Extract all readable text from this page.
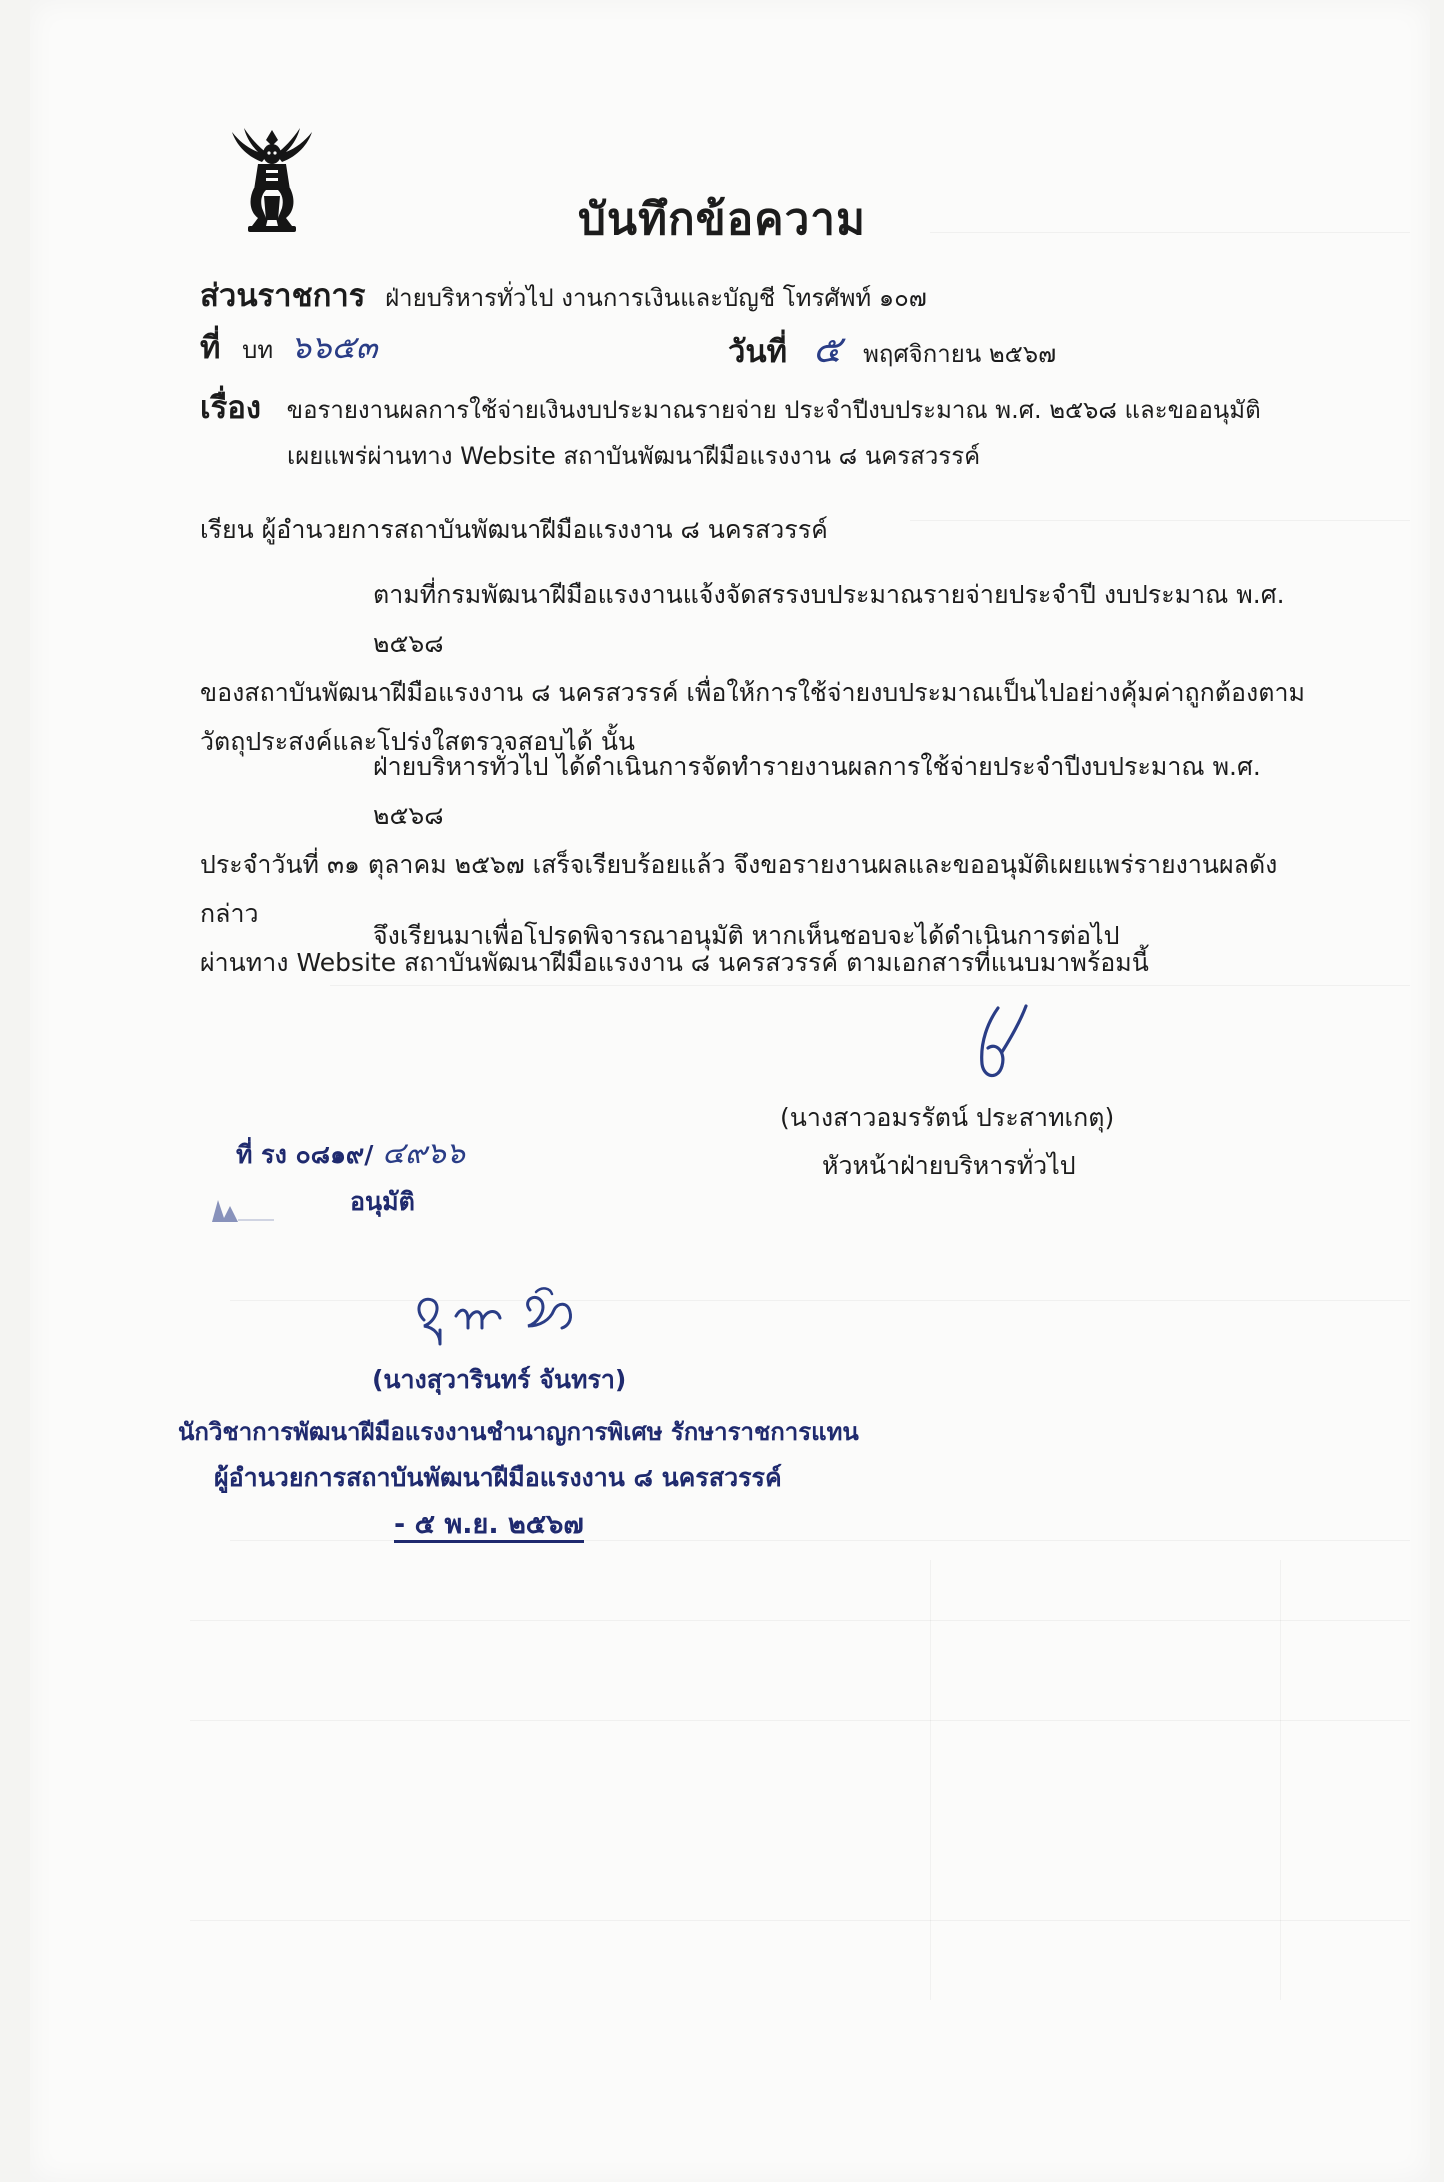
บันทึกข้อความ
ส่วนราชการ ฝ่ายบริหารทั่วไป งานการเงินและบัญชี โทรศัพท์ ๑๐๗
ที่ บท ๖๖๕๓	วันที่ ๕ พฤศจิกายน ๒๕๖๗
เรื่อง ขอรายงานผลการใช้จ่ายเงินงบประมาณรายจ่าย ประจำปีงบประมาณ พ.ศ. ๒๕๖๘ และขออนุมัติ
เผยแพร่ผ่านทาง Website สถาบันพัฒนาฝีมือแรงงาน ๘ นครสวรรค์
เรียน ผู้อำนวยการสถาบันพัฒนาฝีมือแรงงาน ๘ นครสวรรค์
ตามที่กรมพัฒนาฝีมือแรงงานแจ้งจัดสรรงบประมาณรายจ่ายประจำปี งบประมาณ พ.ศ. ๒๕๖๘
ของสถาบันพัฒนาฝีมือแรงงาน ๘ นครสวรรค์ เพื่อให้การใช้จ่ายงบประมาณเป็นไปอย่างคุ้มค่าถูกต้องตาม
วัตถุประสงค์และโปร่งใสตรวจสอบได้ นั้น
ฝ่ายบริหารทั่วไป ได้ดำเนินการจัดทำรายงานผลการใช้จ่ายประจำปีงบประมาณ พ.ศ. ๒๕๖๘
ประจำวันที่ ๓๑ ตุลาคม ๒๕๖๗ เสร็จเรียบร้อยแล้ว จึงขอรายงานผลและขออนุมัติเผยแพร่รายงานผลดังกล่าว
ผ่านทาง Website สถาบันพัฒนาฝีมือแรงงาน ๘ นครสวรรค์ ตามเอกสารที่แนบมาพร้อมนี้
จึงเรียนมาเพื่อโปรดพิจารณาอนุมัติ หากเห็นชอบจะได้ดำเนินการต่อไป
(นางสาวอมรรัตน์ ประสาทเกตุ)
หัวหน้าฝ่ายบริหารทั่วไป
ที่ รง ๐๘๑๙/ ๔๙๖๖
อนุมัติ
(นางสุวารินทร์ จันทรา)
นักวิชาการพัฒนาฝีมือแรงงานชำนาญการพิเศษ รักษาราชการแทน
ผู้อำนวยการสถาบันพัฒนาฝีมือแรงงาน ๘ นครสวรรค์
- ๕ พ.ย. ๒๕๖๗
